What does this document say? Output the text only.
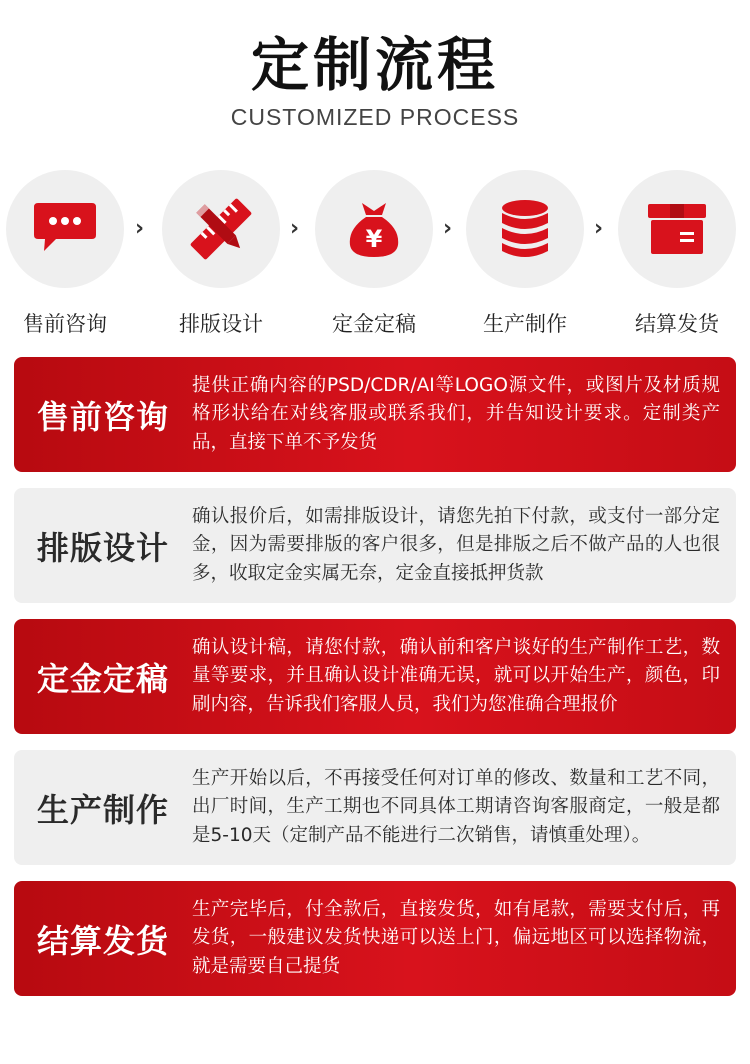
定制流程
CUSTOMIZED PROCESS
售前咨询
›
排版设计
›	¥
定金定稿
›
生产制作
›
结算发货
售前咨询
提供正确内容的PSD/CDR/AI等LOGO源文件，或图片及材质规格形状给在对线客服或联系我们，并告知设计要求。定制类产品，直接下单不予发货
排版设计
确认报价后，如需排版设计，请您先拍下付款，或支付一部分定金，因为需要排版的客户很多，但是排版之后不做产品的人也很多，收取定金实属无奈，定金直接抵押货款
定金定稿
确认设计稿，请您付款，确认前和客户谈好的生产制作工艺，数量等要求，并且确认设计准确无误，就可以开始生产，颜色，印刷内容，告诉我们客服人员，我们为您准确合理报价
生产制作
生产开始以后，不再接受任何对订单的修改、数量和工艺不同，出厂时间，生产工期也不同具体工期请咨询客服商定，一般是都是5-10天（定制产品不能进行二次销售，请慎重处理）。
结算发货
生产完毕后，付全款后，直接发货，如有尾款，需要支付后，再发货，一般建议发货快递可以送上门，偏远地区可以选择物流，就是需要自己提货
